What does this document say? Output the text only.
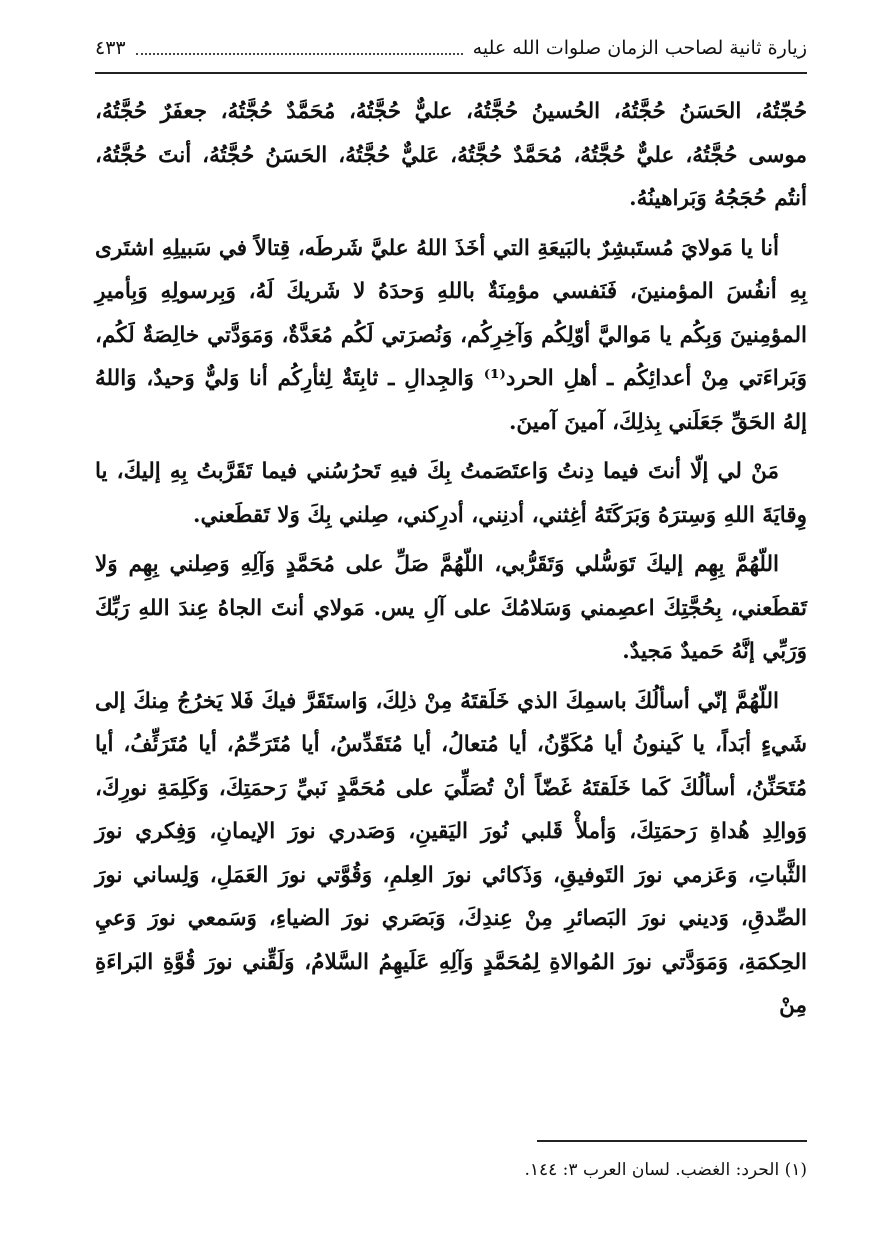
زيارة ثانية لصاحب الزمان صلوات الله عليه
٤٣٣

حُجّتُهُ، الحَسَنُ حُجَّتُهُ، الحُسينُ حُجَّتُهُ، عليٌّ حُجَّتُهُ، مُحَمَّدٌ حُجَّتُهُ، جعفَرٌ حُجَّتُهُ، موسى حُجَّتُهُ، عليٌّ حُجَّتُهُ، مُحَمَّدٌ حُجَّتُهُ، عَليٌّ حُجَّتُهُ، الحَسَنُ حُجَّتُهُ، أنتَ حُجَّتُهُ، أنتُم حُجَجُهُ وَبَراهينُهُ.

أنا يا مَولايَ مُستَبشِرٌ بالبَيعَةِ التي أخَذَ اللهُ عليَّ شَرطَه، قِتالاً في سَبيلِهِ اشتَرى بِهِ أنفُسَ المؤمنينَ، فَنَفسي مؤمِنَةٌ باللهِ وَحدَهُ لا شَريكَ لَهُ، وَبِرسولِهِ وَبِأميرِ المؤمِنينَ وَبِكُم يا مَواليَّ أوّلِكُم وَآخِرِكُم، وَنُصرَتي لَكُم مُعَدَّةٌ، وَمَوَدَّتي خالِصَةٌ لَكُم، وَبَراءَتي مِنْ أعدائِكُم ـ أهلِ الحرد⁽¹⁾ وَالجِدالِ ـ ثابِتَةٌ لِثأرِكُم أنا وَليٌّ وَحيدٌ، وَاللهُ إلهُ الحَقِّ جَعَلَني بِذلِكَ، آمينَ آمينَ.

مَنْ لي إلّا أنتَ فيما دِنتُ وَاعتَصَمتُ بِكَ فيهِ تَحرُسُني فيما تَقَرَّبتُ بِهِ إليكَ، يا وِقايَةَ اللهِ وَسِترَهُ وَبَرَكَتَهُ أغِثني، أدنِني، أدرِكني، صِلني بِكَ وَلا تَقطَعني.

اللّهُمَّ بِهِم إليكَ تَوَسُّلي وَتَقَرُّبي، اللّهُمَّ صَلِّ على مُحَمَّدٍ وَآلِهِ وَصِلني بِهِم وَلا تَقطَعني، بِحُجَّتِكَ اعصِمني وَسَلامُكَ على آلِ يس. مَولاي أنتَ الجاهُ عِندَ اللهِ رَبِّكَ وَرَبِّي إنَّهُ حَميدٌ مَجيدٌ.

اللّهُمَّ إنّي أسألُكَ باسمِكَ الذي خَلَقتَهُ مِنْ ذلِكَ، وَاستَقَرَّ فيكَ فَلا يَخرُجُ مِنكَ إلى شَيءٍ أبَداً، يا كَينونُ أيا مُكَوِّنُ، أيا مُتعالُ، أيا مُتَقَدِّسُ، أيا مُتَرَحِّمُ، أيا مُتَرَئِّفُ، أيا مُتَحَنِّنُ، أسألُكَ كَما خَلَقتَهُ غَضّاً أنْ تُصَلِّيَ على مُحَمَّدٍ نَبيِّ رَحمَتِكَ، وَكَلِمَةِ نورِكَ، وَوالِدِ هُداةِ رَحمَتِكَ، وَأملأْ قَلبي نُورَ اليَقينِ، وَصَدري نورَ الإيمانِ، وَفِكري نورَ الثَّباتِ، وَعَزمي نورَ التَوفيقِ، وَذَكائي نورَ العِلمِ، وَقُوَّتي نورَ العَمَلِ، وَلِساني نورَ الصِّدقِ، وَديني نورَ البَصائرِ مِنْ عِندِكَ، وَبَصَري نورَ الضياءِ، وَسَمعي نورَ وَعيِ الحِكمَةِ، وَمَوَدَّتي نورَ المُوالاةِ لِمُحَمَّدٍ وَآلِهِ عَلَيهِمُ السَّلامُ، وَلَقِّني نورَ قُوَّةِ البَراءَةِ مِنْ

(١) الحرد: الغضب. لسان العرب ٣: ١٤٤.
